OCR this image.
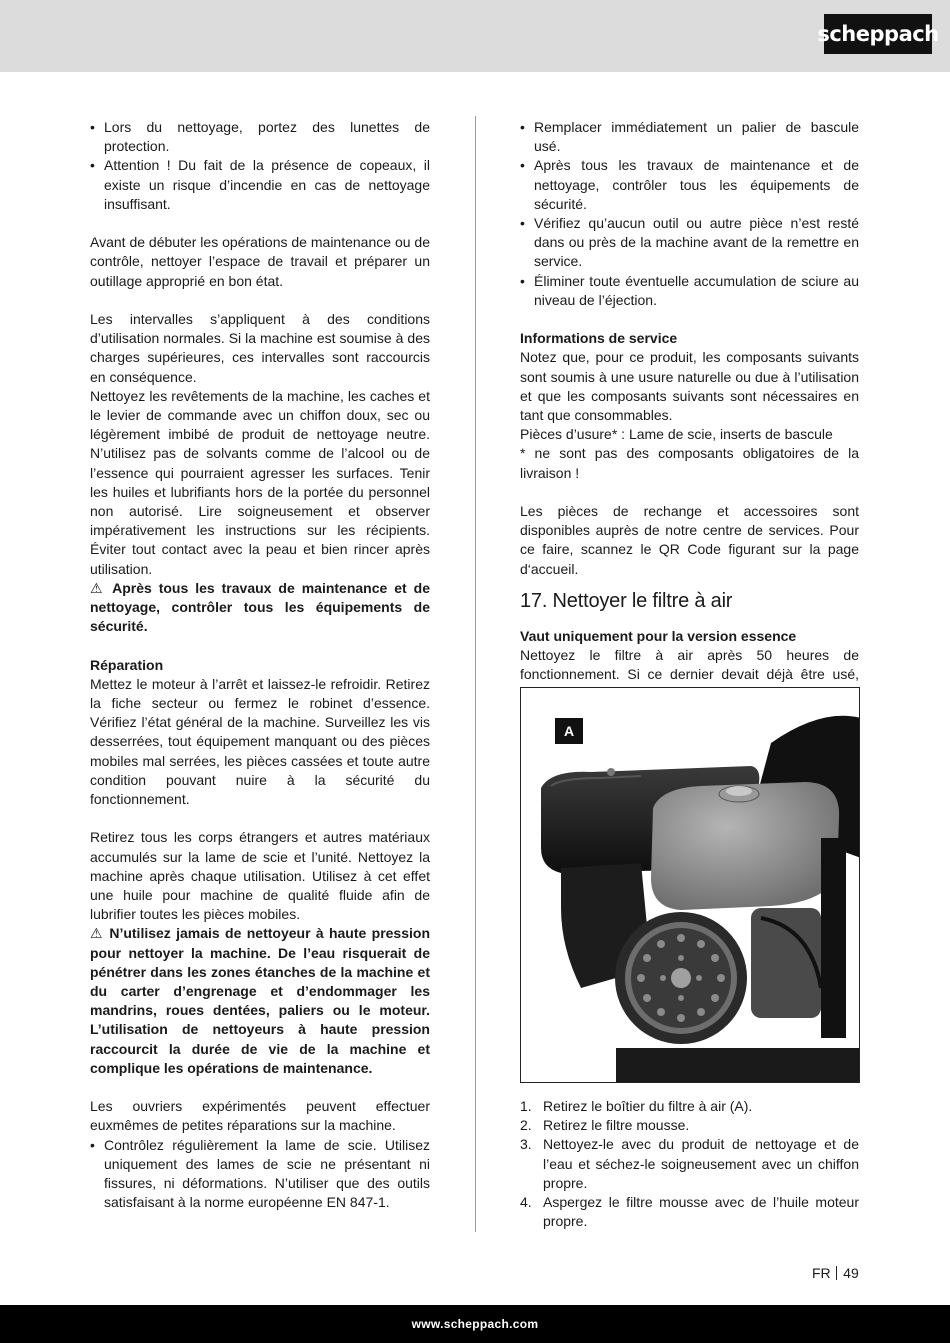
scheppach
• Lors du nettoyage, portez des lunettes de protection.
• Attention ! Du fait de la présence de copeaux, il existe un risque d’incendie en cas de nettoyage insuffisant.

Avant de débuter les opérations de maintenance ou de contrôle, nettoyer l’espace de travail et préparer un outillage approprié en bon état.

Les intervalles s’appliquent à des conditions d’utilisation normales. Si la machine est soumise à des charges supérieures, ces intervalles sont raccourcis en conséquence.

Nettoyez les revêtements de la machine, les caches et le levier de commande avec un chiffon doux, sec ou légèrement imbibé de produit de nettoyage neutre. N’utilisez pas de solvants comme de l’alcool ou de l’essence qui pourraient agresser les surfaces. Tenir les huiles et lubrifiants hors de la portée du personnel non autorisé. Lire soigneusement et observer impérativement les instructions sur les récipients. Éviter tout contact avec la peau et bien rincer après utilisation.

⚠ Après tous les travaux de maintenance et de nettoyage, contrôler tous les équipements de sécurité.

Réparation

Mettez le moteur à l’arrêt et laissez-le refroidir. Retirez la fiche secteur ou fermez le robinet d’essence. Vérifiez l’état général de la machine. Surveillez les vis desserrées, tout équipement manquant ou des pièces mobiles mal serrées, les pièces cassées et toute autre condition pouvant nuire à la sécurité du fonctionnement.

Retirez tous les corps étrangers et autres matériaux accumulés sur la lame de scie et l’unité. Nettoyez la machine après chaque utilisation. Utilisez à cet effet une huile pour machine de qualité fluide afin de lubrifier toutes les pièces mobiles.

⚠ N’utilisez jamais de nettoyeur à haute pression pour nettoyer la machine. De l’eau risquerait de pénétrer dans les zones étanches de la machine et du carter d’engrenage et d’endommager les mandrins, roues dentées, paliers ou le moteur. L’utilisation de nettoyeurs à haute pression raccourcit la durée de vie de la machine et complique les opérations de maintenance.

Les ouvriers expérimentés peuvent effectuer euxmêmes de petites réparations sur la machine.

• Contrôlez régulièrement la lame de scie. Utilisez uniquement des lames de scie ne présentant ni fissures, ni déformations. N’utiliser que des outils satisfaisant à la norme européenne EN 847-1.
• Remplacer immédiatement un palier de bascule usé.
• Après tous les travaux de maintenance et de nettoyage, contrôler tous les équipements de sécurité.
• Vérifiez qu’aucun outil ou autre pièce n’est resté dans ou près de la machine avant de la remettre en service.
• Éliminer toute éventuelle accumulation de sciure au niveau de l’éjection.

Informations de service

Notez que, pour ce produit, les composants suivants sont soumis à une usure naturelle ou due à l’utilisation et que les composants suivants sont nécessaires en tant que consommables.

Pièces d’usure* : Lame de scie, inserts de bascule

* ne sont pas des composants obligatoires de la livraison !

Les pièces de rechange et accessoires sont disponibles auprès de notre centre de services. Pour ce faire, scannez le QR Code figurant sur la page d‘accueil.

17. Nettoyer le filtre à air

Vaut uniquement pour la version essence

Nettoyez le filtre à air après 50 heures de fonctionnement. Si ce dernier devait déjà être usé,

A
1. Retirez le boîtier du filtre à air (A).
2. Retirez le filtre mousse.
3. Nettoyez-le avec du produit de nettoyage et de l’eau et séchez-le soigneusement avec un chiffon propre.
4. Aspergez le filtre mousse avec de l’huile moteur propre.
FR 49
www.scheppach.com
